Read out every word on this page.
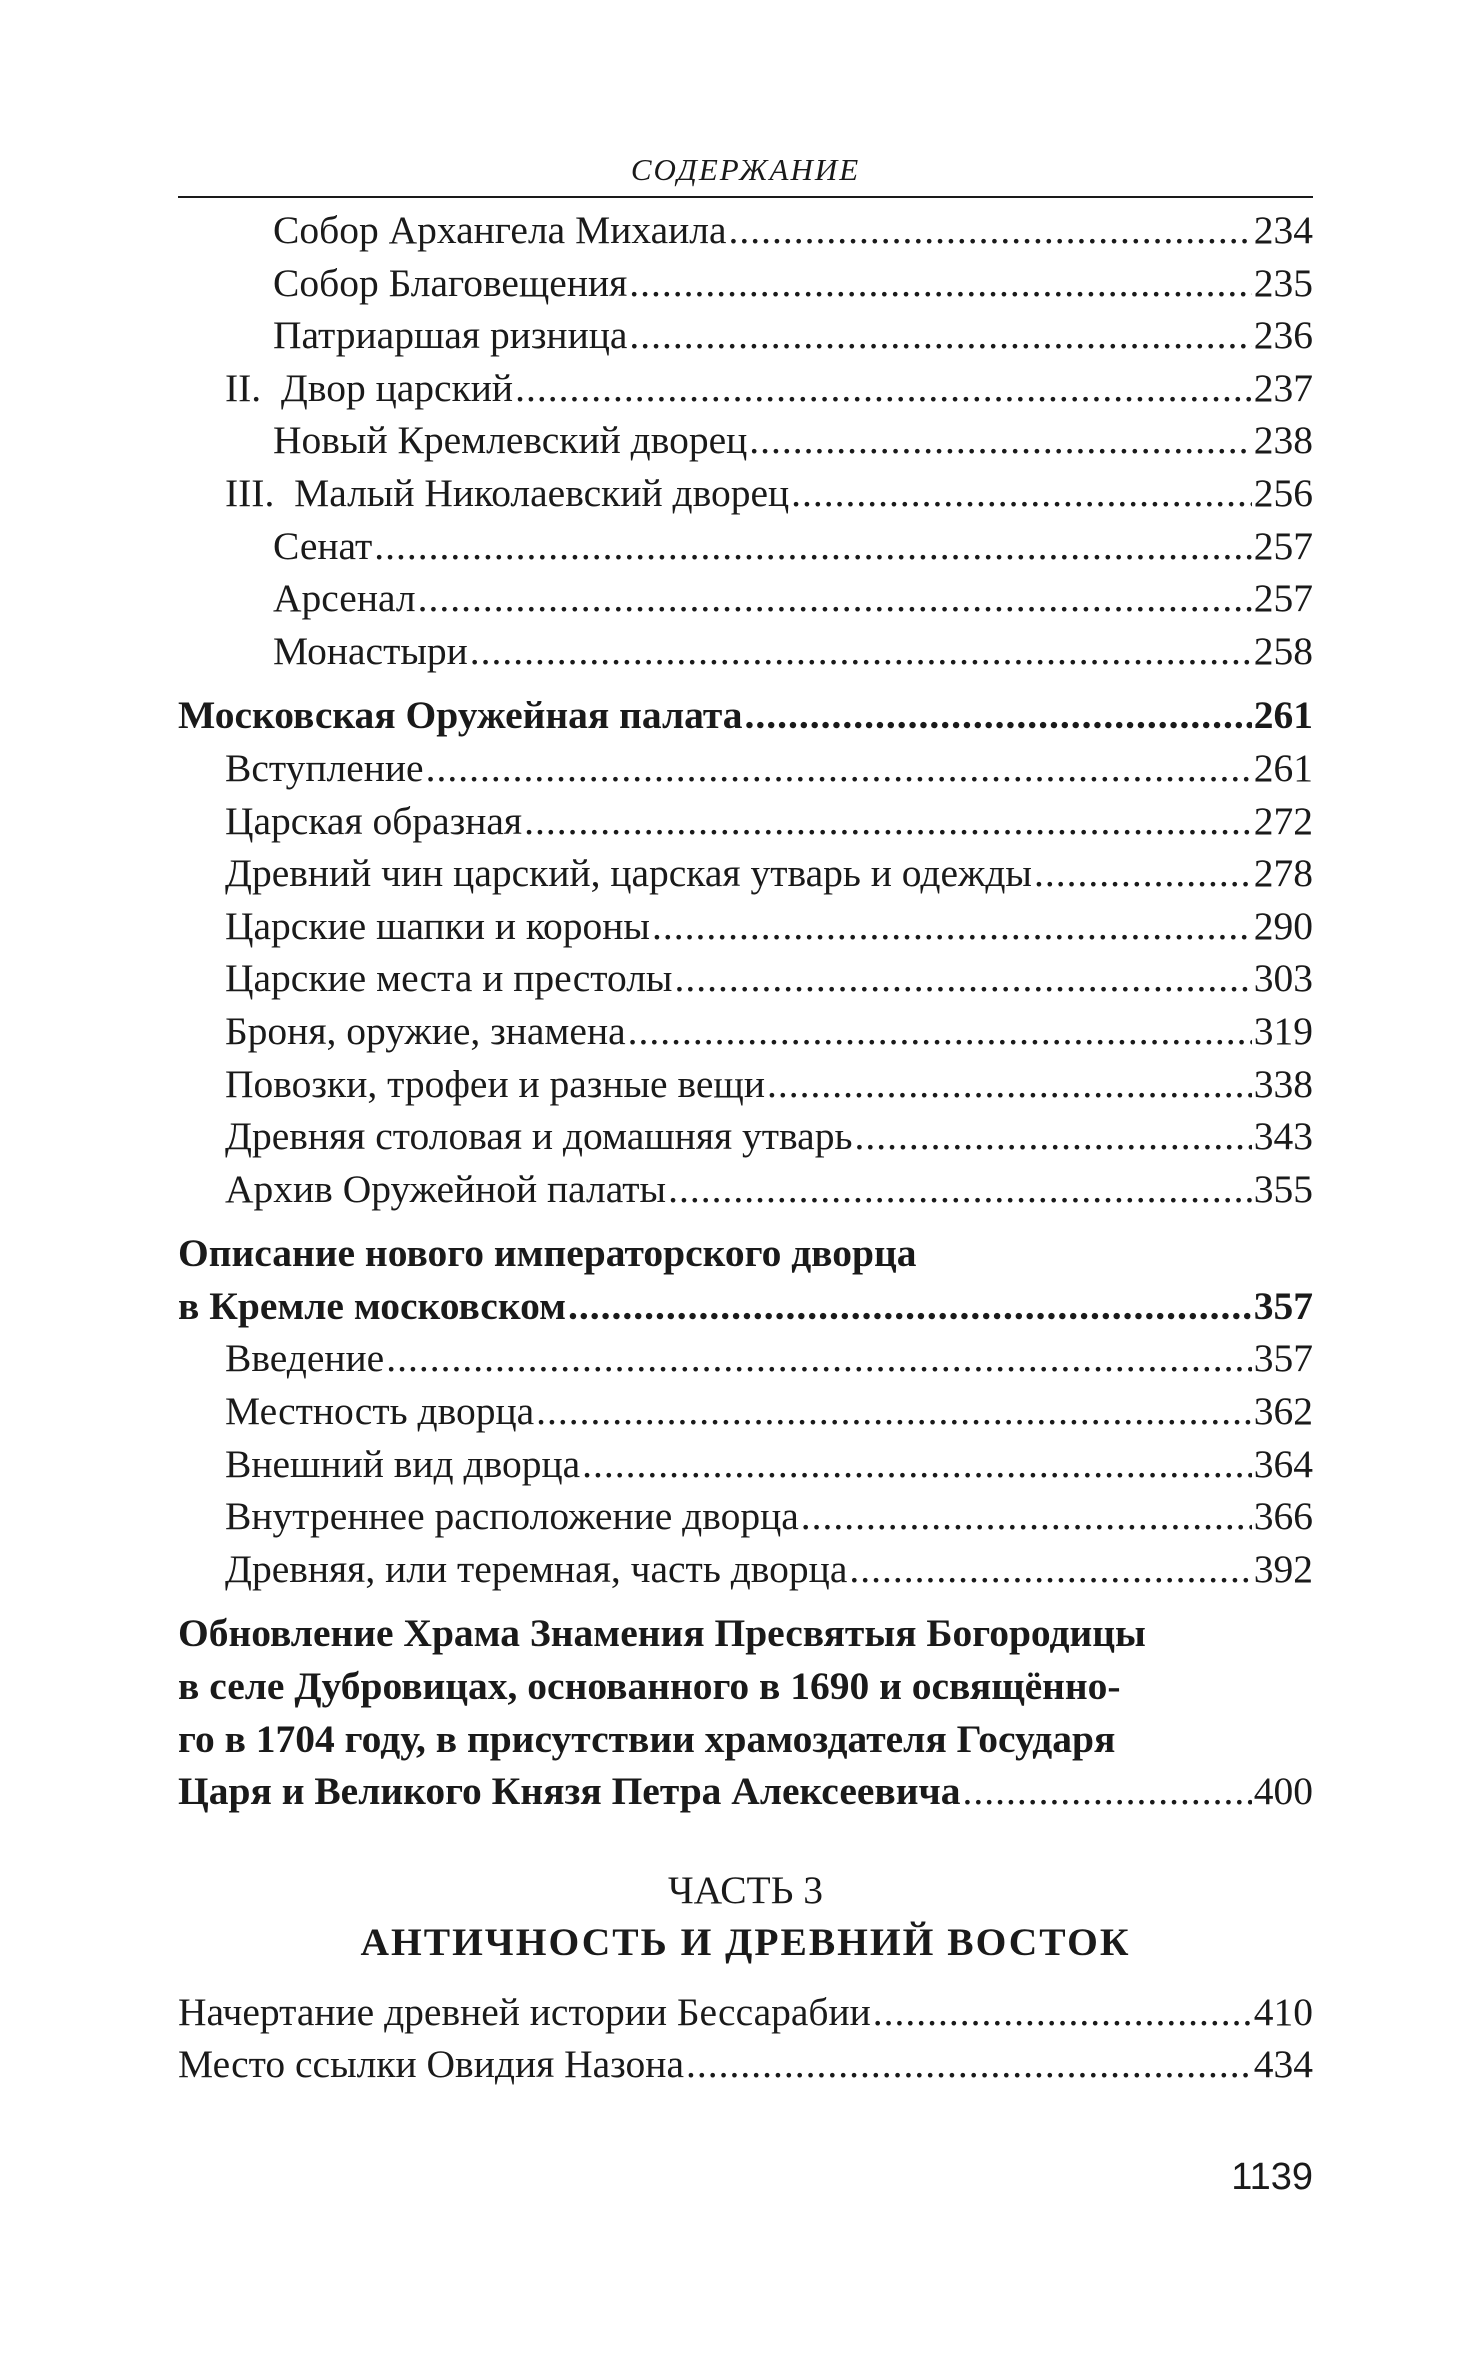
СОДЕРЖАНИЕ
Собор Архангела Михаила .....	234
Собор Благовещения .....	235
Патриаршая ризница .....	236
II.  Двор царский .....	237
Новый Кремлевский дворец .....	238
III.  Малый Николаевский дворец .....	256
Сенат .....	257
Арсенал .....	257
Монастыри .....	258
Московская Оружейная палата .....	261
Вступление .....	261
Царская образная .....	272
Древний чин царский, царская утварь и одежды .....	278
Царские шапки и короны .....	290
Царские места и престолы .....	303
Броня, оружие, знамена .....	319
Повозки, трофеи и разные вещи .....	338
Древняя столовая и домашняя утварь .....	343
Архив Оружейной палаты .....	355
Описание нового императорского дворца
в Кремле московском .....	357
Введение .....	357
Местность дворца .....	362
Внешний вид дворца .....	364
Внутреннее расположение дворца .....	366
Древняя, или теремная, часть дворца .....	392
Обновление Храма Знамения Пресвятыя Богородицы
в селе Дубровицах, основанного в 1690 и освящённо-
го в 1704 году, в присутствии храмоздателя Государя
Царя и Великого Князя Петра Алексеевича .....	400
ЧАСТЬ 3
АНТИЧНОСТЬ И ДРЕВНИЙ ВОСТОК
Начертание древней истории Бессарабии .....	410
Место ссылки Овидия Назона .....	434
1139
